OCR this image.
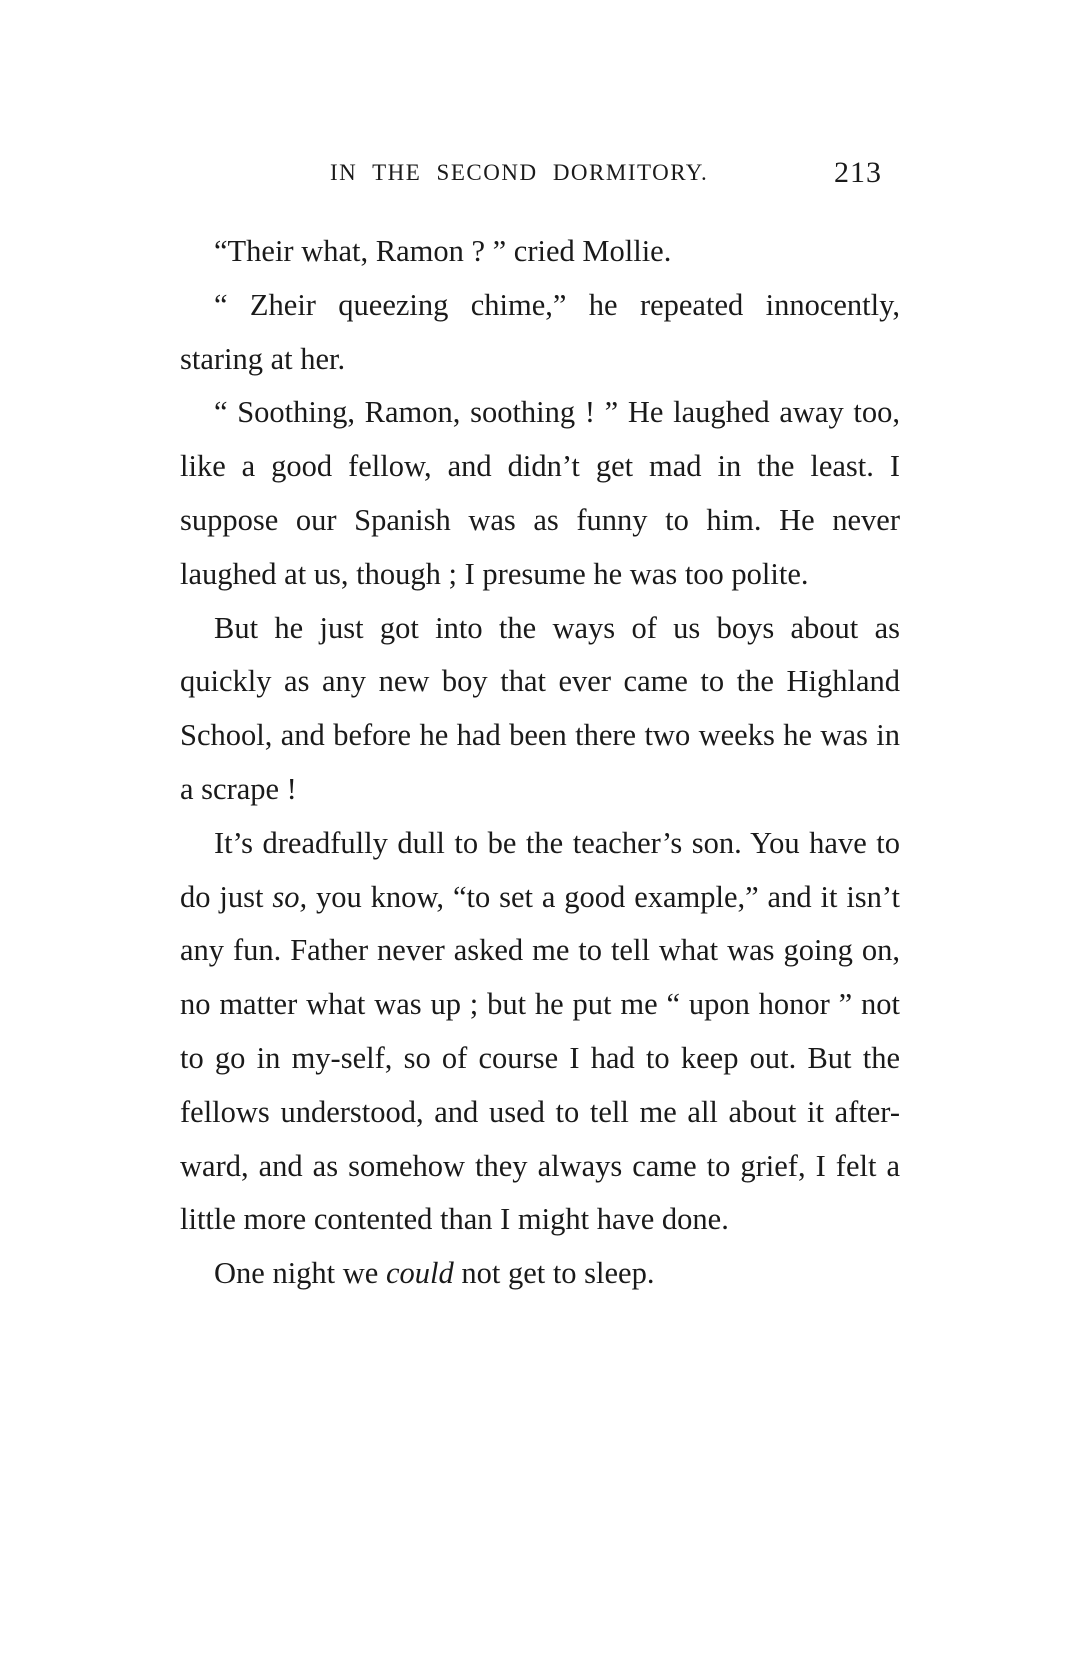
IN THE SECOND DORMITORY.	213

“Their what, Ramon ? ” cried Mollie.

“ Zheir queezing chime,” he repeated innocently, staring at her.

“ Soothing, Ramon, soothing ! ” He laughed away too, like a good fellow, and didn’t get mad in the least. I suppose our Spanish was as funny to him. He never laughed at us, though ; I presume he was too polite.

But he just got into the ways of us boys about as quickly as any new boy that ever came to the Highland School, and before he had been there two weeks he was in a scrape !

It’s dreadfully dull to be the teacher’s son. You have to do just so, you know, “to set a good example,” and it isn’t any fun. Father never asked me to tell what was going on, no matter what was up ; but he put me “ upon honor ” not to go in my-self, so of course I had to keep out. But the fellows understood, and used to tell me all about it after-ward, and as somehow they always came to grief, I felt a little more contented than I might have done.

One night we could not get to sleep.
